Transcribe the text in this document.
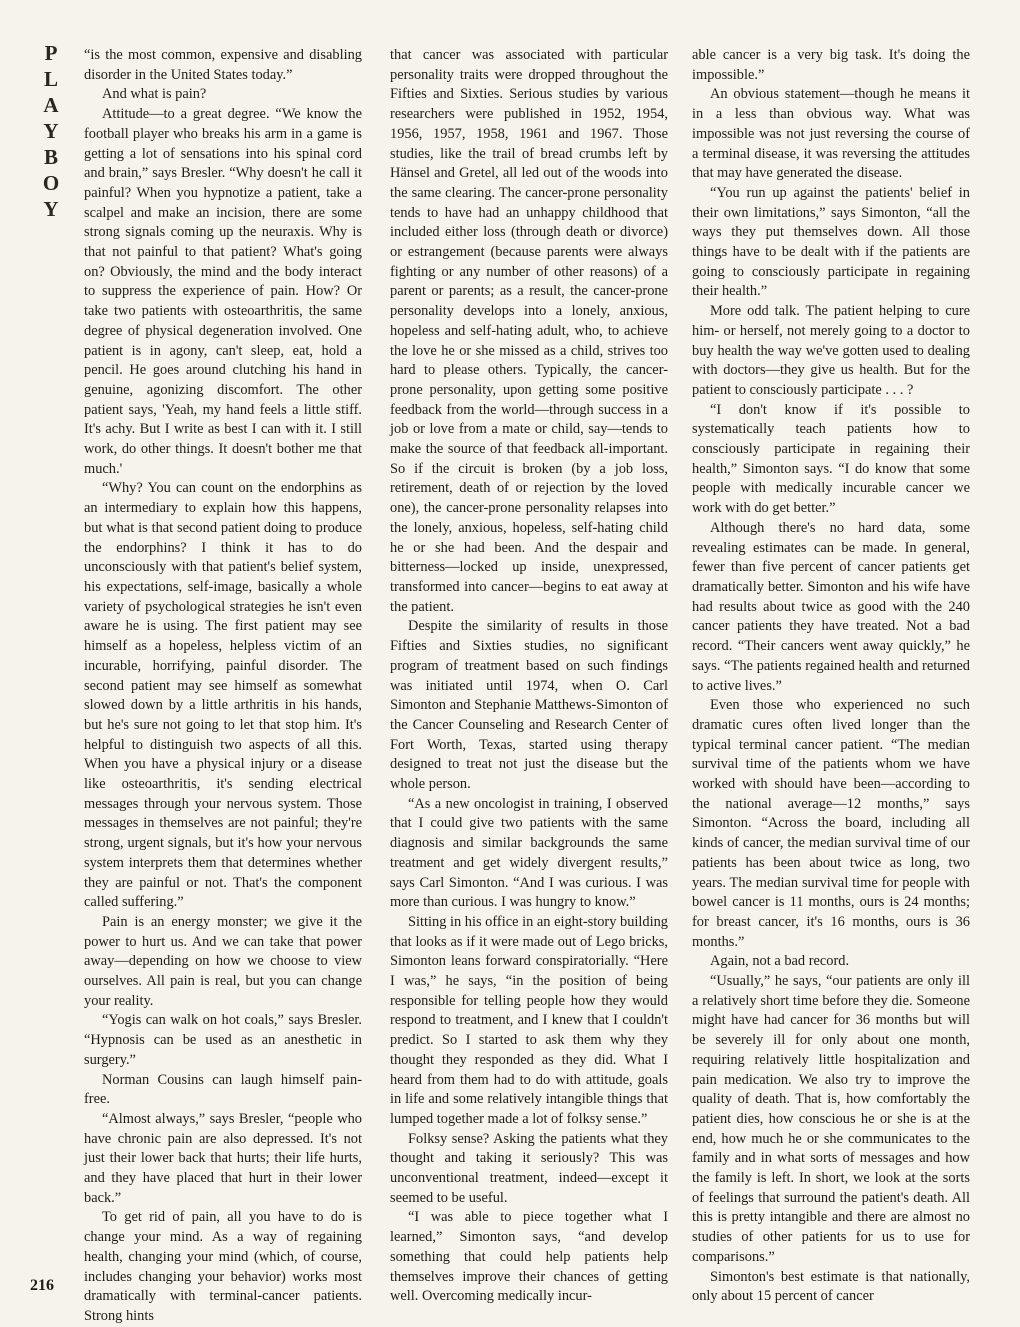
P
L
A
Y
B
O
Y

“is the most common, expensive and disabling disorder in the United States today.”

And what is pain?

Attitude—to a great degree. “We know the football player who breaks his arm in a game is getting a lot of sensations into his spinal cord and brain,” says Bresler. “Why doesn't he call it painful? When you hypnotize a patient, take a scalpel and make an incision, there are some strong signals coming up the neuraxis. Why is that not painful to that patient? What's going on? Obviously, the mind and the body interact to suppress the experience of pain. How? Or take two patients with osteoarthritis, the same degree of physical degeneration involved. One patient is in agony, can't sleep, eat, hold a pencil. He goes around clutching his hand in genuine, agonizing discomfort. The other patient says, 'Yeah, my hand feels a little stiff. It's achy. But I write as best I can with it. I still work, do other things. It doesn't bother me that much.'

“Why? You can count on the endorphins as an intermediary to explain how this happens, but what is that second patient doing to produce the endorphins? I think it has to do unconsciously with that patient's belief system, his expectations, self-image, basically a whole variety of psychological strategies he isn't even aware he is using. The first patient may see himself as a hopeless, helpless victim of an incurable, horrifying, painful disorder. The second patient may see himself as somewhat slowed down by a little arthritis in his hands, but he's sure not going to let that stop him. It's helpful to distinguish two aspects of all this. When you have a physical injury or a disease like osteoarthritis, it's sending electrical messages through your nervous system. Those messages in themselves are not painful; they're strong, urgent signals, but it's how your nervous system interprets them that determines whether they are painful or not. That's the component called suffering.”

Pain is an energy monster; we give it the power to hurt us. And we can take that power away—depending on how we choose to view ourselves. All pain is real, but you can change your reality.

“Yogis can walk on hot coals,” says Bresler. “Hypnosis can be used as an anesthetic in surgery.”

Norman Cousins can laugh himself pain-free.

“Almost always,” says Bresler, “people who have chronic pain are also depressed. It's not just their lower back that hurts; their life hurts, and they have placed that hurt in their lower back.”

To get rid of pain, all you have to do is change your mind. As a way of regaining health, changing your mind (which, of course, includes changing your behavior) works most dramatically with terminal-cancer patients. Strong hints

that cancer was associated with particular personality traits were dropped throughout the Fifties and Sixties. Serious studies by various researchers were published in 1952, 1954, 1956, 1957, 1958, 1961 and 1967. Those studies, like the trail of bread crumbs left by Hänsel and Gretel, all led out of the woods into the same clearing. The cancer-prone personality tends to have had an unhappy childhood that included either loss (through death or divorce) or estrangement (because parents were always fighting or any number of other reasons) of a parent or parents; as a result, the cancer-prone personality develops into a lonely, anxious, hopeless and self-hating adult, who, to achieve the love he or she missed as a child, strives too hard to please others. Typically, the cancer-prone personality, upon getting some positive feedback from the world—through success in a job or love from a mate or child, say—tends to make the source of that feedback all-important. So if the circuit is broken (by a job loss, retirement, death of or rejection by the loved one), the cancer-prone personality relapses into the lonely, anxious, hopeless, self-hating child he or she had been. And the despair and bitterness—locked up inside, unexpressed, transformed into cancer—begins to eat away at the patient.

Despite the similarity of results in those Fifties and Sixties studies, no significant program of treatment based on such findings was initiated until 1974, when O. Carl Simonton and Stephanie Matthews-Simonton of the Cancer Counseling and Research Center of Fort Worth, Texas, started using therapy designed to treat not just the disease but the whole person.

“As a new oncologist in training, I observed that I could give two patients with the same diagnosis and similar backgrounds the same treatment and get widely divergent results,” says Carl Simonton. “And I was curious. I was more than curious. I was hungry to know.”

Sitting in his office in an eight-story building that looks as if it were made out of Lego bricks, Simonton leans forward conspiratorially. “Here I was,” he says, “in the position of being responsible for telling people how they would respond to treatment, and I knew that I couldn't predict. So I started to ask them why they thought they responded as they did. What I heard from them had to do with attitude, goals in life and some relatively intangible things that lumped together made a lot of folksy sense.”

Folksy sense? Asking the patients what they thought and taking it seriously? This was unconventional treatment, indeed—except it seemed to be useful.

“I was able to piece together what I learned,” Simonton says, “and develop something that could help patients help themselves improve their chances of getting well. Overcoming medically incur-

able cancer is a very big task. It's doing the impossible.”

An obvious statement—though he means it in a less than obvious way. What was impossible was not just reversing the course of a terminal disease, it was reversing the attitudes that may have generated the disease.

“You run up against the patients' belief in their own limitations,” says Simonton, “all the ways they put themselves down. All those things have to be dealt with if the patients are going to consciously participate in regaining their health.”

More odd talk. The patient helping to cure him- or herself, not merely going to a doctor to buy health the way we've gotten used to dealing with doctors—they give us health. But for the patient to consciously participate . . . ?

“I don't know if it's possible to systematically teach patients how to consciously participate in regaining their health,” Simonton says. “I do know that some people with medically incurable cancer we work with do get better.”

Although there's no hard data, some revealing estimates can be made. In general, fewer than five percent of cancer patients get dramatically better. Simonton and his wife have had results about twice as good with the 240 cancer patients they have treated. Not a bad record. “Their cancers went away quickly,” he says. “The patients regained health and returned to active lives.”

Even those who experienced no such dramatic cures often lived longer than the typical terminal cancer patient. “The median survival time of the patients whom we have worked with should have been—according to the national average—12 months,” says Simonton. “Across the board, including all kinds of cancer, the median survival time of our patients has been about twice as long, two years. The median survival time for people with bowel cancer is 11 months, ours is 24 months; for breast cancer, it's 16 months, ours is 36 months.”

Again, not a bad record.

“Usually,” he says, “our patients are only ill a relatively short time before they die. Someone might have had cancer for 36 months but will be severely ill for only about one month, requiring relatively little hospitalization and pain medication. We also try to improve the quality of death. That is, how comfortably the patient dies, how conscious he or she is at the end, how much he or she communicates to the family and in what sorts of messages and how the family is left. In short, we look at the sorts of feelings that surround the patient's death. All this is pretty intangible and there are almost no studies of other patients for us to use for comparisons.”

Simonton's best estimate is that nationally, only about 15 percent of cancer

216
